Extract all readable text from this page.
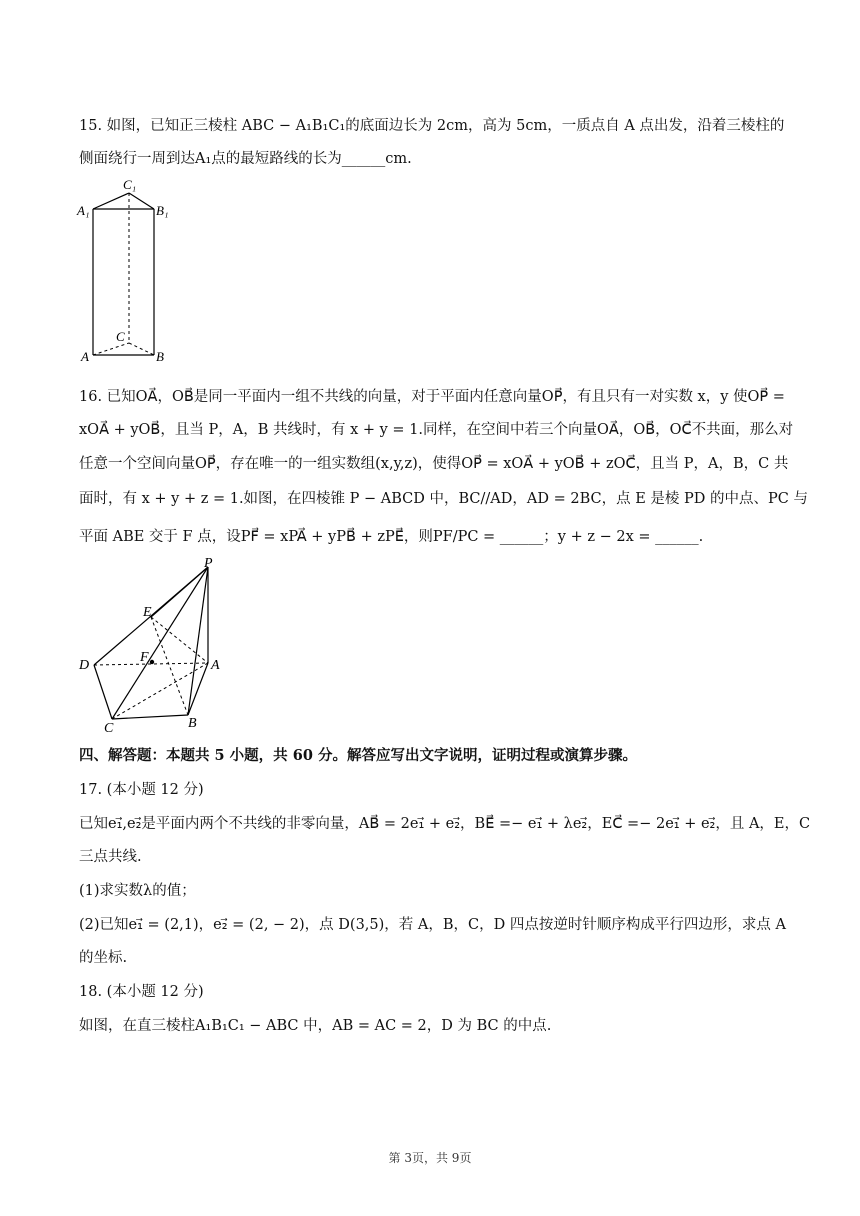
15. 如图，已知正三棱柱 ABC − A₁B₁C₁的底面边长为 2cm，高为 5cm，一质点自 A 点出发，沿着三棱柱的
侧面绕行一周到达A₁点的最短路线的长为______cm.
C₁
A₁	B₁
C
A	B
16. 已知OA⃗，OB⃗是同一平面内一组不共线的向量，对于平面内任意向量OP⃗，有且只有一对实数 x，y 使OP⃗ =
xOA⃗ + yOB⃗，且当 P，A，B 共线时，有 x + y = 1.同样，在空间中若三个向量OA⃗，OB⃗，OC⃗不共面，那么对
任意一个空间向量OP⃗，存在唯一的一组实数组(x,y,z)，使得OP⃗ = xOA⃗ + yOB⃗ + zOC⃗，且当 P，A，B，C 共
面时，有 x + y + z = 1.如图，在四棱锥 P − ABCD 中，BC//AD，AD = 2BC，点 E 是棱 PD 的中点、PC 与
平面 ABE 交于 F 点，设PF⃗ = xPA⃗ + yPB⃗ + zPE⃗，则PF/PC = ______；y + z − 2x = ______.
P
E
D
F
A
C	B
四、解答题：本题共 5 小题，共 60 分。解答应写出文字说明，证明过程或演算步骤。
17. (本小题 12 分)
已知e₁⃗,e₂⃗是平面内两个不共线的非零向量，AB⃗ = 2e₁⃗ + e₂⃗，BE⃗ =− e₁⃗ + λe₂⃗，EC⃗ =− 2e₁⃗ + e₂⃗，且 A，E，C
三点共线.
(1)求实数λ的值；
(2)已知e₁⃗ = (2,1)，e₂⃗ = (2, − 2)，点 D(3,5)，若 A，B，C，D 四点按逆时针顺序构成平行四边形，求点 A
的坐标.
18. (本小题 12 分)
如图，在直三棱柱A₁B₁C₁ − ABC 中，AB = AC = 2，D 为 BC 的中点.
第 3页，共 9页
